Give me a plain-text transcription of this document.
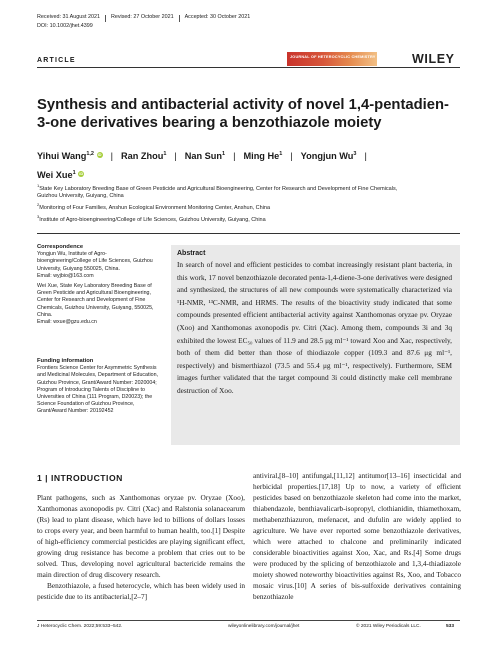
Received: 31 August 2021 Revised: 27 October 2021 Accepted: 30 October 2021
DOI: 10.1002/jhet.4399
ARTICLE	JOURNAL OF HETEROCYCLIC CHEMISTRY	WILEY
Synthesis and antibacterial activity of novel 1,4-pentadien-3-one derivatives bearing a benzothiazole moiety
Yihui Wang$^{1,2}$ iD | Ran Zhou$^1$ | Nan Sun$^1$ | Ming He$^1$ | Yongjun Wu$^3$ |
Wei Xue$^1$ iD
$^1$State Key Laboratory Breeding Base of Green Pesticide and Agricultural Bioengineering, Center for Research and Development of Fine Chemicals,
Guizhou University, Guiyang, China
$^2$Monitoring of Four Families, Anshun Ecological Environment Monitoring Center, Anshun, China
$^3$Institute of Agro-bioengineering/College of Life Sciences, Guizhou University, Guiyang, China
Correspondence

Yongjun Wu, Institute of Agro-bioengineering/College of Life Sciences, Guizhou University, Guiyang 550025, China.

Email: wyjbio@163.com

Wei Xue, State Key Laboratory Breeding Base of Green Pesticide and Agricultural Bioengineering, Center for Research and Development of Fine Chemicals, Guizhou University, Guiyang, 550025, China.

Email: wxue@gzu.edu.cn

Funding information

Frontiers Science Center for Asymmetric Synthesis and Medicinal Molecules, Department of Education, Guizhou Province, Grant/Award Number: 2020004; Program of Introducing Talents of Discipline to Universities of China (111 Program, D20023); the Science Foundation of Guizhou Province, Grant/Award Number: 20192452

Abstract

In search of novel and efficient pesticides to combat increasingly resistant plant bacteria, in this work, 17 novel benzothiazole decorated penta-1,4-diene-3-one derivatives were designed and synthesized, the structures of all new compounds were systematically characterized via ¹H-NMR, ¹³C-NMR, and HRMS. The results of the bioactivity study indicated that some compounds presented efficient antibacterial activity against Xanthomonas oryzae pv. Oryzae (Xoo) and Xanthomonas axonopodis pv. Citri (Xac). Among them, compounds 3i and 3q exhibited the lowest EC₅₀ values of 11.9 and 28.5 μg ml⁻¹ toward Xoo and Xac, respectively, both of them did better than those of thiodiazole copper (109.3 and 87.6 μg ml⁻¹, respectively) and bismerthiazol (73.5 and 55.4 μg ml⁻¹, respectively). Furthermore, SEM images further validated that the target compound 3i could distinctly make cell membrane destruction of Xoo.

1 | INTRODUCTION

Plant pathogens, such as Xanthomonas oryzae pv. Oryzae (Xoo), Xanthomonas axonopodis pv. Citri (Xac) and Ralstonia solanacearum (Rs) lead to plant disease, which have led to billions of dollars losses to crops every year, and been harmful to human health, too.[1] Despite of high-efficiency commercial pesticides are playing significant effect, growing drug resistance has become a problem that cries out to be solved. Thus, developing novel agricultural bactericide remains the main direction of drug discovery research.

Benzothiazole, a fused heterocycle, which has been widely used in pesticide due to its antibacterial,[2–7]

antiviral,[8–10] antifungal,[11,12] antitumor[13–16] insecticidal and herbicidal properties.[17,18] Up to now, a variety of efficient pesticides based on benzothiazole skeleton had come into the market, thiabendazole, benthiavalicarb-isopropyl, clothianidin, thiamethoxam, methabenzthiazuron, mefenacet, and dufulin are widely applied to agriculture. We have ever reported some benzothiazole derivatives, which were attached to chalcone and preliminarily indicated considerable bioactivities against Xoo, Xac, and Rs.[4] Some drugs were produced by the splicing of benzothiazole and 1,3,4-thiadiazole moiety showed noteworthy bioactivities against Rs, Xoo, and Tobacco mosaic virus.[10] A series of bis-sulfoxide derivatives containing benzothiazole

J Heterocyclic Chem. 2022;59:533–542.	wileyonlinelibrary.com/journal/jhet	© 2021 Wiley Periodicals LLC.	533
